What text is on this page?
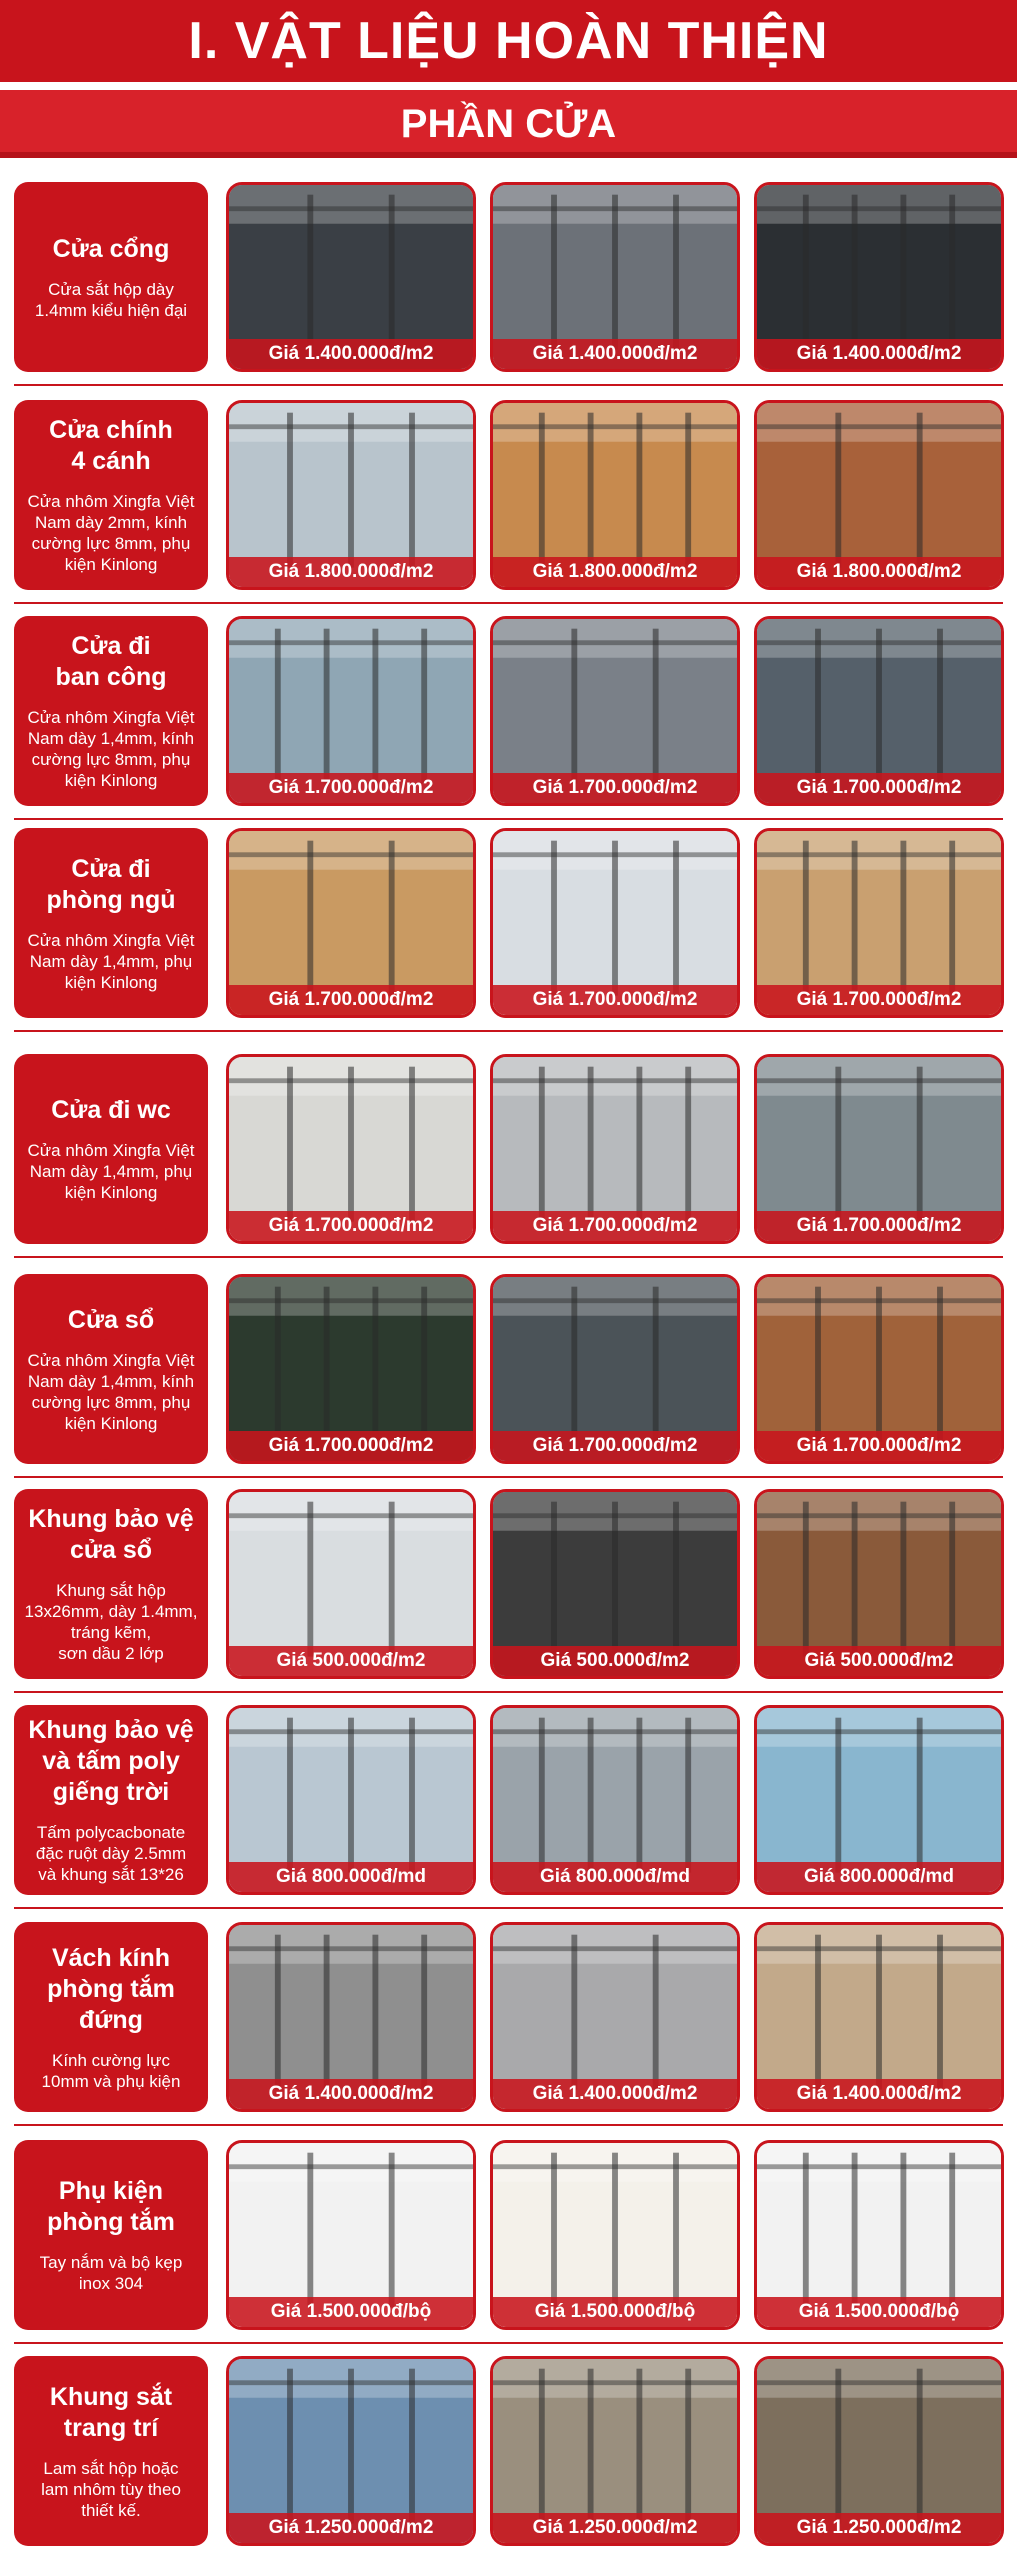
I. VẬT LIỆU HOÀN THIỆN
PHẦN CỬA
Cửa cổng
Cửa sắt hộp dày
1.4mm kiểu hiện đại
Giá 1.400.000đ/m2	Giá 1.400.000đ/m2	Giá 1.400.000đ/m2
Cửa chính
4 cánh
Cửa nhôm Xingfa Việt
Nam dày 2mm, kính
cường lực 8mm, phụ
kiện Kinlong	Giá 1.800.000đ/m2	Giá 1.800.000đ/m2	Giá 1.800.000đ/m2
Cửa đi
ban công
Cửa nhôm Xingfa Việt
Nam dày 1,4mm, kính
cường lực 8mm, phụ
kiện Kinlong	Giá 1.700.000đ/m2	Giá 1.700.000đ/m2	Giá 1.700.000đ/m2
Cửa đi
phòng ngủ
Cửa nhôm Xingfa Việt
Nam dày 1,4mm, phụ
kiện Kinlong
Giá 1.700.000đ/m2	Giá 1.700.000đ/m2	Giá 1.700.000đ/m2
Cửa đi wc
Cửa nhôm Xingfa Việt
Nam dày 1,4mm, phụ
kiện Kinlong
Giá 1.700.000đ/m2	Giá 1.700.000đ/m2	Giá 1.700.000đ/m2
Cửa sổ
Cửa nhôm Xingfa Việt
Nam dày 1,4mm, kính
cường lực 8mm, phụ
kiện Kinlong
Giá 1.700.000đ/m2	Giá 1.700.000đ/m2	Giá 1.700.000đ/m2
Khung bảo vệ
cửa sổ
Khung sắt hộp
13x26mm, dày 1.4mm,
tráng kẽm,
sơn dầu 2 lớp	Giá 500.000đ/m2	Giá 500.000đ/m2	Giá 500.000đ/m2
Khung bảo vệ
và tấm poly
giếng trời
Tấm polycacbonate
đặc ruột dày 2.5mm
và khung sắt 13*26	Giá 800.000đ/md	Giá 800.000đ/md	Giá 800.000đ/md
Vách kính
phòng tắm
đứng
Kính cường lực
10mm và phụ kiện
Giá 1.400.000đ/m2	Giá 1.400.000đ/m2	Giá 1.400.000đ/m2
Phụ kiện
phòng tắm
Tay nắm và bộ kẹp
inox 304
Giá 1.500.000đ/bộ	Giá 1.500.000đ/bộ	Giá 1.500.000đ/bộ
Khung sắt
trang trí
Lam sắt hộp hoặc
lam nhôm tùy theo
thiết kế.
Giá 1.250.000đ/m2	Giá 1.250.000đ/m2	Giá 1.250.000đ/m2
